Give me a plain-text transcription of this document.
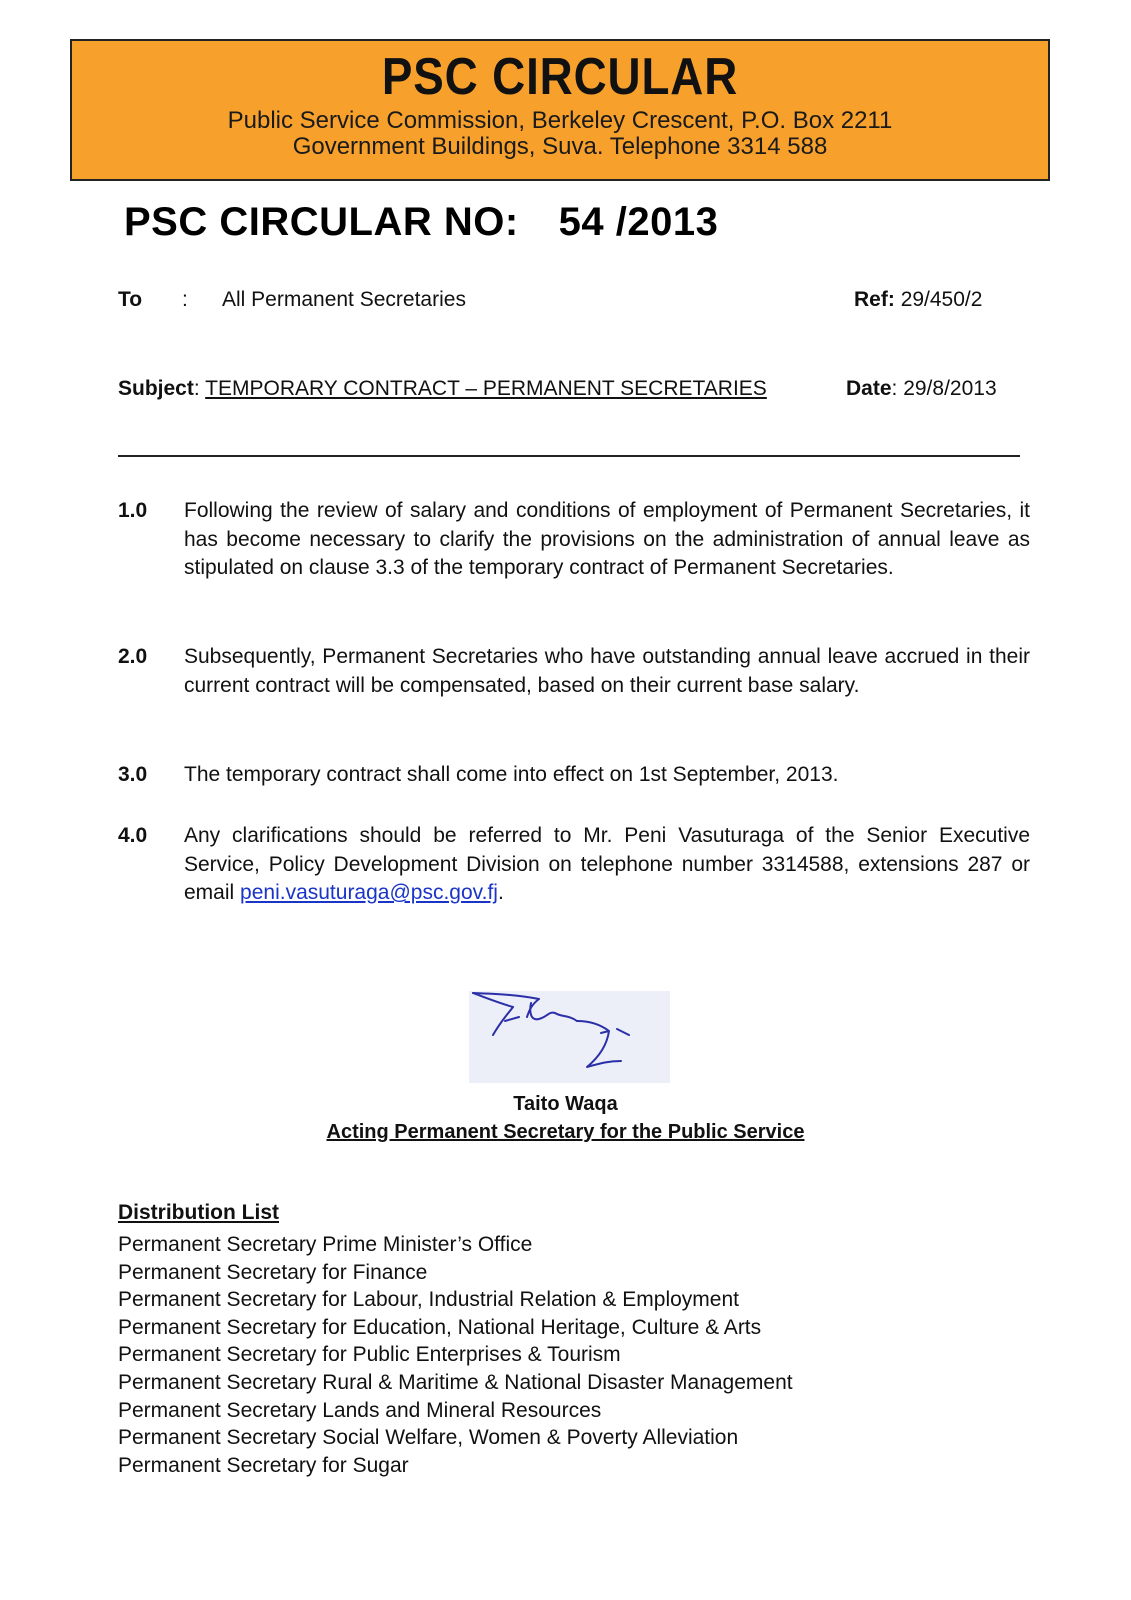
PSC CIRCULAR
Public Service Commission, Berkeley Crescent, P.O. Box 2211
Government Buildings, Suva. Telephone 3314 588
PSC CIRCULAR NO: 54 /2013
To : All Permanent Secretaries	Ref: 29/450/2
Subject: TEMPORARY CONTRACT – PERMANENT SECRETARIES	Date: 29/8/2013
1.0 Following the review of salary and conditions of employment of Permanent Secretaries, it has become necessary to clarify the provisions on the administration of annual leave as stipulated on clause 3.3 of the temporary contract of Permanent Secretaries.
2.0 Subsequently, Permanent Secretaries who have outstanding annual leave accrued in their current contract will be compensated, based on their current base salary.
3.0 The temporary contract shall come into effect on 1st September, 2013.
4.0 Any clarifications should be referred to Mr. Peni Vasuturaga of the Senior Executive Service, Policy Development Division on telephone number 3314588, extensions 287 or email peni.vasuturaga@psc.gov.fj.
Taito Waqa
Acting Permanent Secretary for the Public Service
Distribution List
Permanent Secretary Prime Minister’s Office
Permanent Secretary for Finance
Permanent Secretary for Labour, Industrial Relation & Employment
Permanent Secretary for Education, National Heritage, Culture & Arts
Permanent Secretary for Public Enterprises & Tourism
Permanent Secretary Rural & Maritime & National Disaster Management
Permanent Secretary Lands and Mineral Resources
Permanent Secretary Social Welfare, Women & Poverty Alleviation
Permanent Secretary for Sugar
